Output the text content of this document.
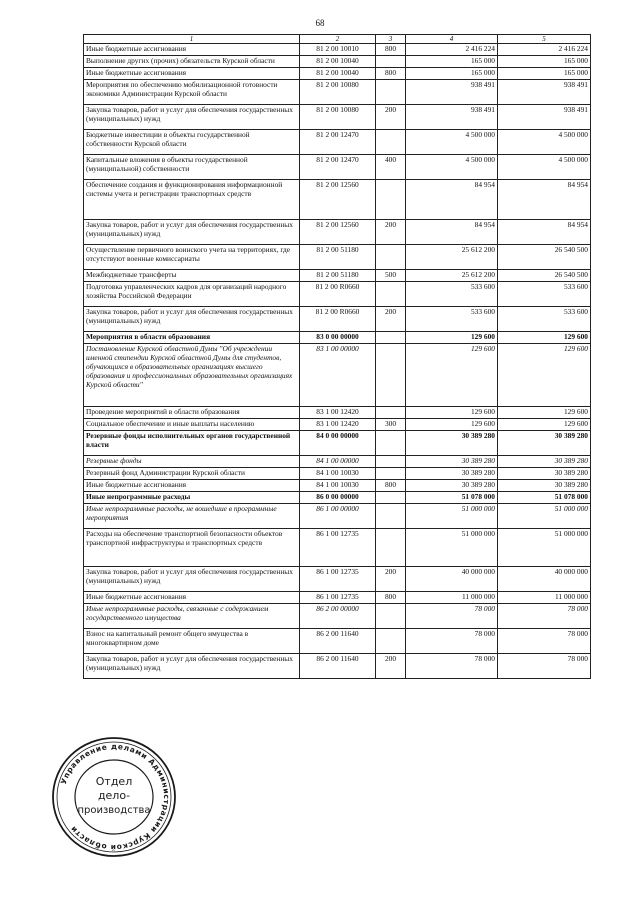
68
1	2	3	4	5
Иные бюджетные ассигнования	81 2 00 10010	800	2 416 224	2 416 224
Выполнение других (прочих) обязательств Курской области	81 2 00 10040		165 000	165 000
Иные бюджетные ассигнования	81 2 00 10040	800	165 000	165 000
Мероприятия по обеспечению мобилизационной готовности экономики Администрации Курской области	81 2 00 10080		938 491	938 491
Закупка товаров, работ и услуг для обеспечения государственных (муниципальных) нужд	81 2 00 10080	200	938 491	938 491
Бюджетные инвестиции в объекты государственной собственности Курской области	81 2 00 12470		4 500 000	4 500 000
Капитальные вложения в объекты государственной (муниципальной) собственности	81 2 00 12470	400	4 500 000	4 500 000
Обеспечение создания и функционирования информационной системы учета и регистрации транспортных средств	81 2 00 12560		84 954	84 954
Закупка товаров, работ и услуг для обеспечения государственных (муниципальных) нужд	81 2 00 12560	200	84 954	84 954
Осуществление первичного воинского учета на территориях, где отсутствуют военные комиссариаты	81 2 00 51180		25 612 200	26 540 500
Межбюджетные трансферты	81 2 00 51180	500	25 612 200	26 540 500
Подготовка управленческих кадров для организаций народного хозяйства Российской Федерации	81 2 00 R0660		533 600	533 600
Закупка товаров, работ и услуг для обеспечения государственных (муниципальных) нужд	81 2 00 R0660	200	533 600	533 600
Мероприятия в области образования	83 0 00 00000		129 600	129 600
Постановление Курской областной Думы "Об учреждении именной стипендии Курской областной Думы для студентов, обучающихся в образовательных организациях высшего образования и профессиональных образовательных организациях Курской области"	83 1 00 00000		129 600	129 600
Проведение мероприятий в области образования	83 1 00 12420		129 600	129 600
Социальное обеспечение и иные выплаты населению	83 1 00 12420	300	129 600	129 600
Резервные фонды исполнительных органов государственной власти	84 0 00 00000		30 389 280	30 389 280
Резервные фонды	84 1 00 00000		30 389 280	30 389 280
Резервный фонд Администрации Курской области	84 1 00 10030		30 389 280	30 389 280
Иные бюджетные ассигнования	84 1 00 10030	800	30 389 280	30 389 280
Иные непрограммные расходы	86 0 00 00000		51 078 000	51 078 000
Иные непрограммные расходы, не вошедшие в программные мероприятия	86 1 00 00000		51 000 000	51 000 000
Расходы на обеспечение транспортной безопасности объектов транспортной инфраструктуры и транспортных средств	86 1 00 12735		51 000 000	51 000 000
Закупка товаров, работ и услуг для обеспечения государственных (муниципальных) нужд	86 1 00 12735	200	40 000 000	40 000 000
Иные бюджетные ассигнования	86 1 00 12735	800	11 000 000	11 000 000
Иные непрограммные расходы, связанные с содержанием государственного имущества	86 2 00 00000		78 000	78 000
Взнос на капитальный ремонт общего имущества в многоквартирном доме	86 2 00 11640		78 000	78 000
Закупка товаров, работ и услуг для обеспечения государственных (муниципальных) нужд	86 2 00 11640	200	78 000	78 000
Управление делами Администрации Курской области
Отдел
дело-
производства
